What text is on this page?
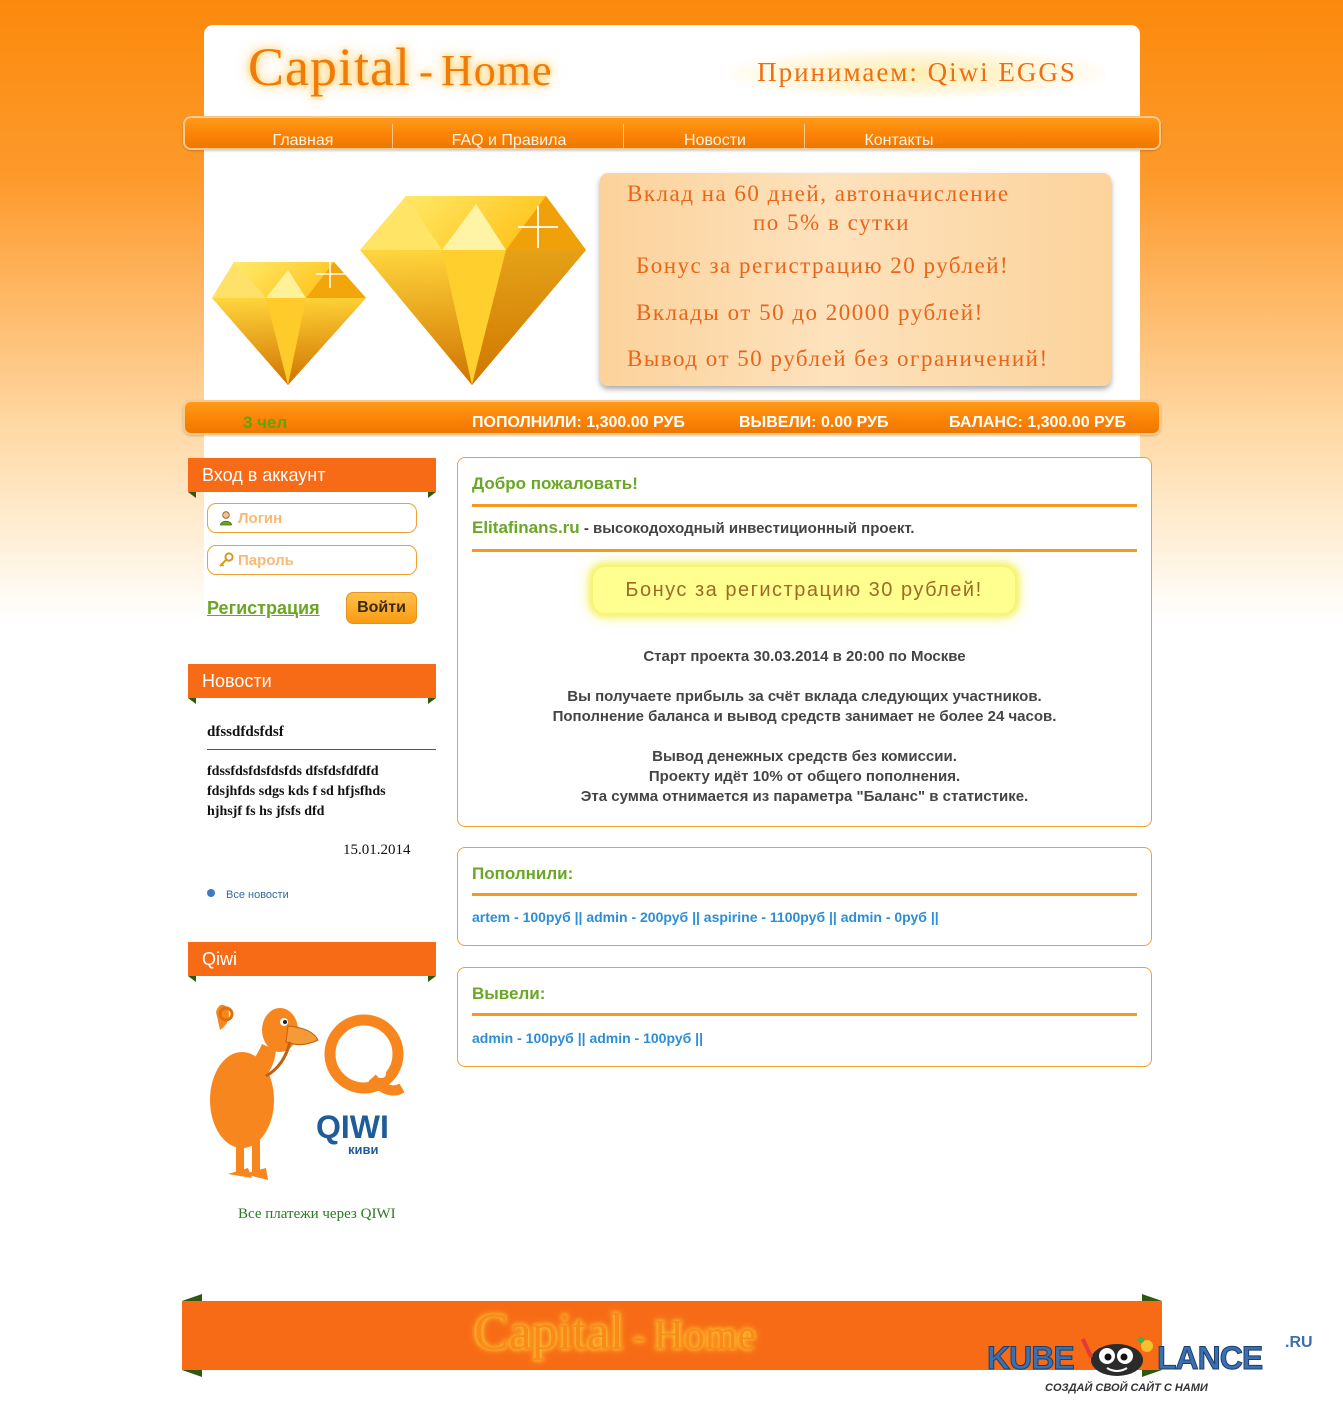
Capital - Home	Принимаем: Qiwi EGGS
Главная	FAQ и Правила	Новости	Контакты
Вклад на 60 дней, автоначисление
по 5% в сутки
Бонус за регистрацию 20 рублей!
Вклады от 50 до 20000 рублей!
Вывод от 50 рублей без ограничений!
3 чел	ПОПОЛНИЛИ: 1,300.00 РУБ	ВЫВЕЛИ: 0.00 РУБ	БАЛАНС: 1,300.00 РУБ
Вход в аккаунт
Логин
Регистрация	Войти
Новости
dfssdfdsfdsf
fdssfdsfdsfdsfds dfsfdsfdfdfd fdsjhfds sdgs kds f sd hfjsfhds hjhsjf fs hs jfsfs dfd
15.01.2014
Все новости
Qiwi
QIWI
киви
Все платежи через QIWI
Добро пожаловать!
Elitafinans.ru - высокодоходный инвестиционный проект.
Бонус за регистрацию 30 рублей!
Старт проекта 30.03.2014 в 20:00 по Москве
Вы получаете прибыль за счёт вклада следующих участников.
Пополнение баланса и вывод средств занимает не более 24 часов.
Вывод денежных средств без комиссии.
Проекту идёт 10% от общего пополнения.
Эта сумма отнимается из параметра "Баланс" в статистике.
Пополнили:
artem - 100руб || admin - 200руб || aspirine - 1100руб || admin - 0руб ||
Вывели:
admin - 100руб || admin - 100руб ||
Capital - Home	KUBE	LANCE .RU
СОЗДАЙ СВОЙ САЙТ С НАМИ
